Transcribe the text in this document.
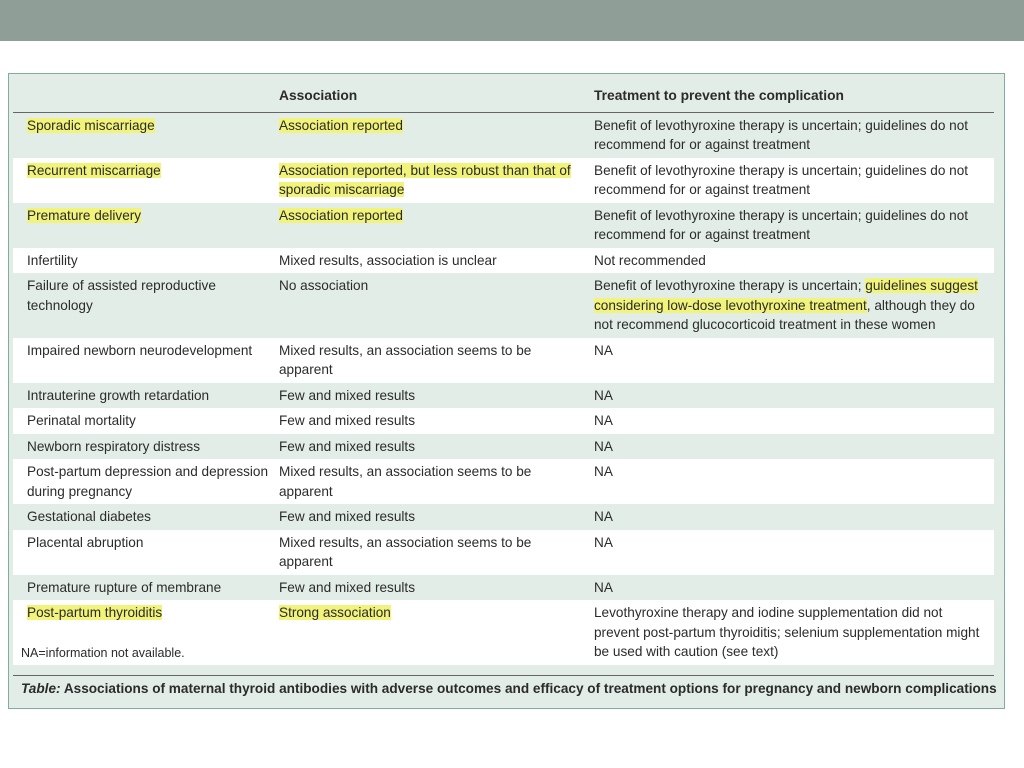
	Association	Treatment to prevent the complication
Sporadic miscarriage	Association reported	Benefit of levothyroxine therapy is uncertain; guidelines do not recommend for or against treatment
Recurrent miscarriage	Association reported, but less robust than that of sporadic miscarriage	Benefit of levothyroxine therapy is uncertain; guidelines do not recommend for or against treatment
Premature delivery	Association reported	Benefit of levothyroxine therapy is uncertain; guidelines do not recommend for or against treatment
Infertility	Mixed results, association is unclear	Not recommended
Failure of assisted reproductive technology	No association	Benefit of levothyroxine therapy is uncertain; guidelines suggest considering low-dose levothyroxine treatment, although they do not recommend glucocorticoid treatment in these women
Impaired newborn neurodevelopment	Mixed results, an association seems to be apparent	NA
Intrauterine growth retardation	Few and mixed results	NA
Perinatal mortality	Few and mixed results	NA
Newborn respiratory distress	Few and mixed results	NA
Post-partum depression and depression during pregnancy	Mixed results, an association seems to be apparent	NA
Gestational diabetes	Few and mixed results	NA
Placental abruption	Mixed results, an association seems to be apparent	NA
Premature rupture of membrane	Few and mixed results	NA
Post-partum thyroiditis	Strong association	Levothyroxine therapy and iodine supplementation did not prevent post-partum thyroiditis; selenium supplementation might be used with caution (see text)
NA=information not available.
Table: Associations of maternal thyroid antibodies with adverse outcomes and efficacy of treatment options for pregnancy and newborn complications
